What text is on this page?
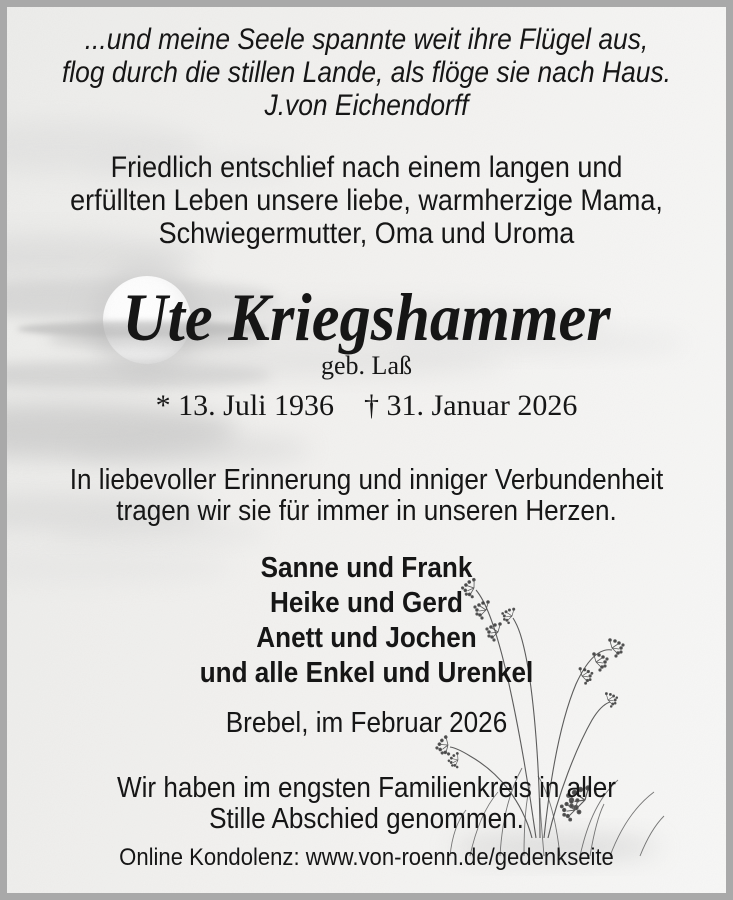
...und meine Seele spannte weit ihre Flügel aus,
flog durch die stillen Lande, als flöge sie nach Haus.
J.von Eichendorff
Friedlich entschlief nach einem langen und
erfüllten Leben unsere liebe, warmherzige Mama,
Schwiegermutter, Oma und Uroma
Ute Kriegshammer
geb. Laß
* 13. Juli 1936 † 31. Januar 2026
In liebevoller Erinnerung und inniger Verbundenheit
tragen wir sie für immer in unseren Herzen.
Sanne und Frank
Heike und Gerd
Anett und Jochen
und alle Enkel und Urenkel
Brebel, im Februar 2026
Wir haben im engsten Familienkreis in aller
Stille Abschied genommen.
Online Kondolenz: www.von-roenn.de/gedenkseite
